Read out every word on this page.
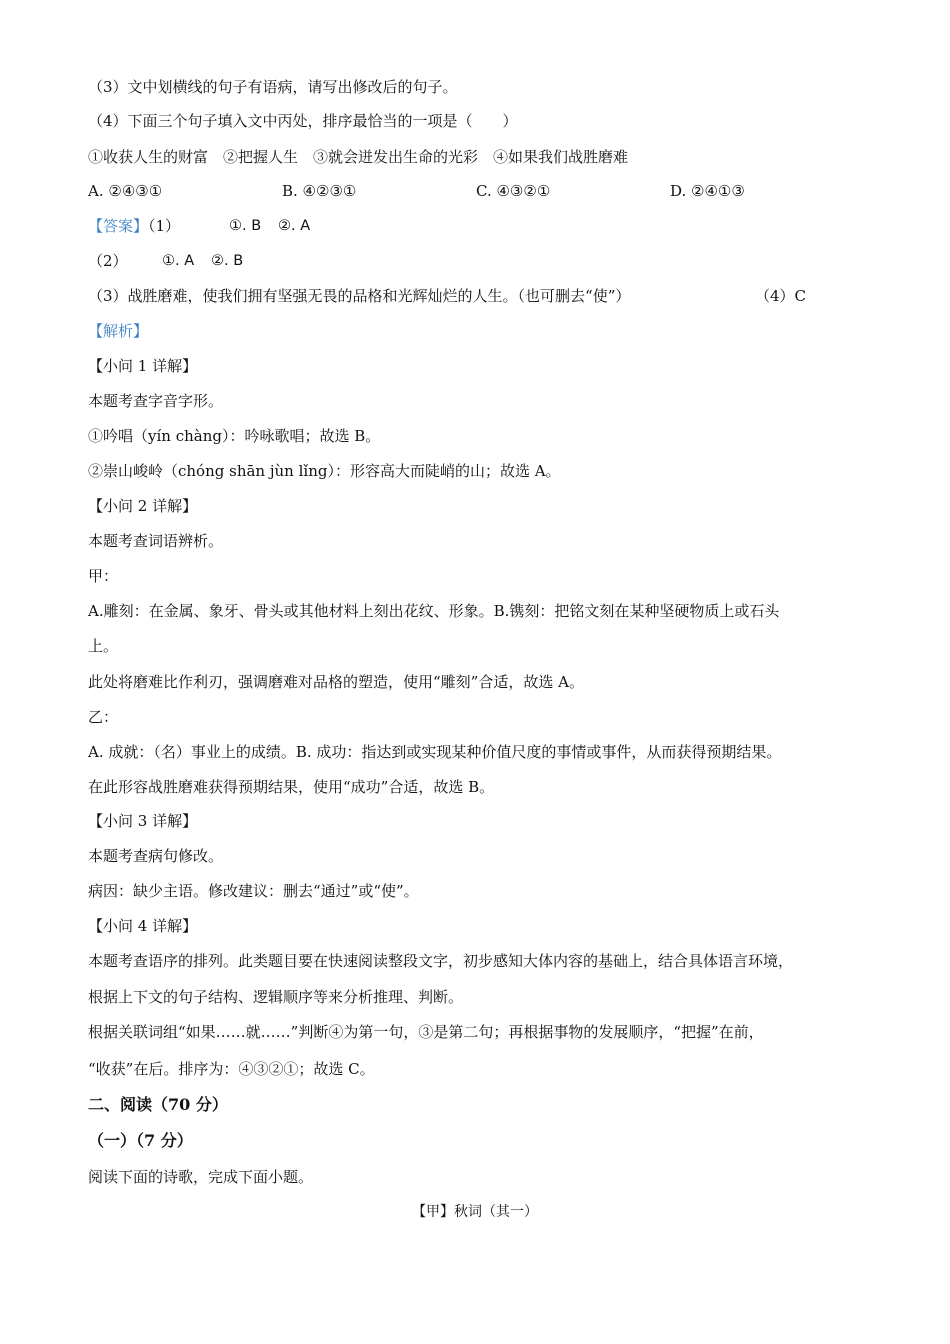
（3）文中划横线的句子有语病，请写出修改后的句子。
（4）下面三个句子填入文中丙处，排序最恰当的一项是（　　）
①收获人生的财富　②把握人生　③就会迸发出生命的光彩　④如果我们战胜磨难
A. ②④③①	B. ④②③①	C. ④③②①	D. ②④①③
【答案】（1）	①. B ②. A
（2） ①. A ②. B
（3）战胜磨难，使我们拥有坚强无畏的品格和光辉灿烂的人生。（也可删去“使”）	（4）C
【解析】
【小问 1 详解】
本题考查字音字形。
①吟唱（yín chàng）：吟咏歌唱；故选 B。
②崇山峻岭（chóng shān jùn lǐng）：形容高大而陡峭的山；故选 A。
【小问 2 详解】
本题考查词语辨析。
甲：
A.雕刻：在金属、象牙、骨头或其他材料上刻出花纹、形象。B.镌刻：把铭文刻在某种坚硬物质上或石头
上。
此处将磨难比作利刃，强调磨难对品格的塑造，使用“雕刻”合适，故选 A。
乙：
A. 成就：（名）事业上的成绩。B. 成功：指达到或实现某种价值尺度的事情或事件，从而获得预期结果。
在此形容战胜磨难获得预期结果，使用“成功”合适，故选 B。
【小问 3 详解】
本题考查病句修改。
病因：缺少主语。修改建议：删去“通过”或“使”。
【小问 4 详解】
本题考查语序的排列。此类题目要在快速阅读整段文字，初步感知大体内容的基础上，结合具体语言环境，
根据上下文的句子结构、逻辑顺序等来分析推理、判断。
根据关联词组“如果……就……”判断④为第一句，③是第二句；再根据事物的发展顺序，“把握”在前，
“收获”在后。排序为：④③②①；故选 C。
二、阅读（70 分）
（一）（7 分）
阅读下面的诗歌，完成下面小题。
【甲】秋词（其一）
